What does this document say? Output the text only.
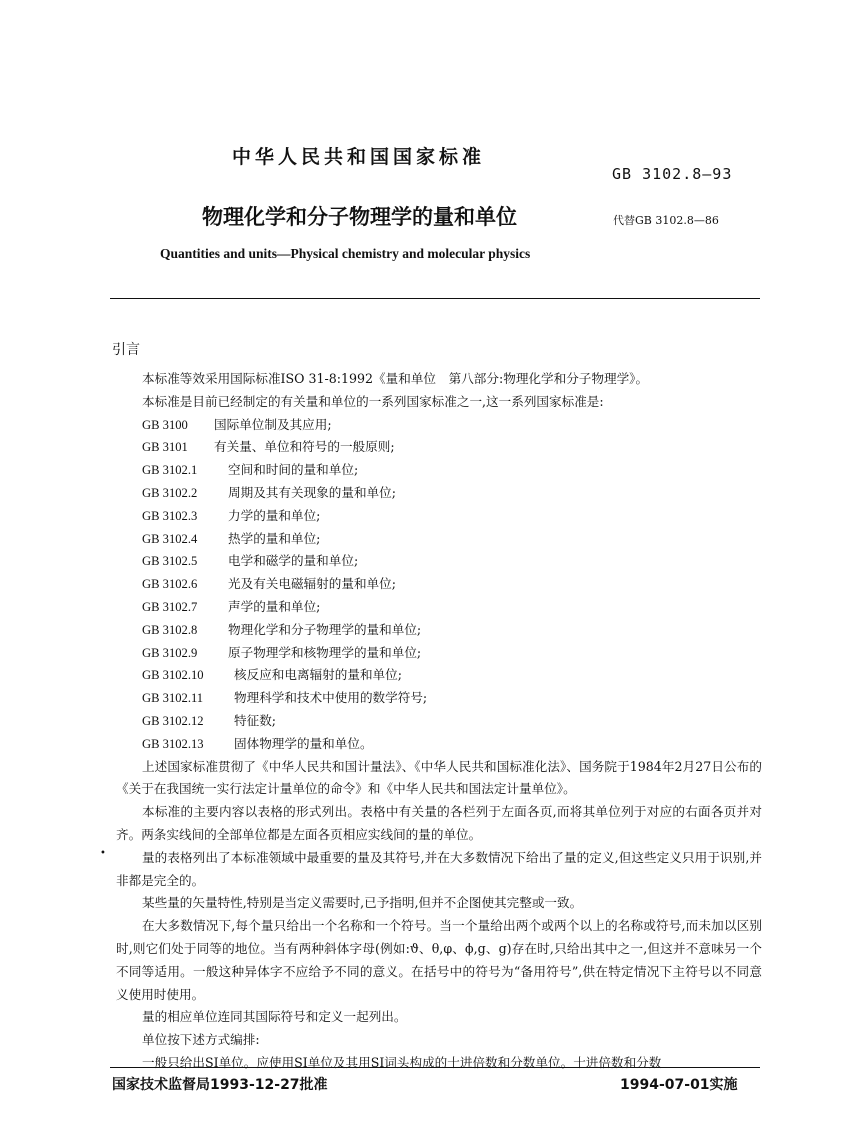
中华人民共和国国家标准
GB 3102.8—93
物理化学和分子物理学的量和单位	代替GB 3102.8—86
Quantities and units—Physical chemistry and molecular physics
引言

本标准等效采用国际标准ISO 31-8:1992《量和单位　第八部分:物理化学和分子物理学》。

本标准是目前已经制定的有关量和单位的一系列国家标准之一,这一系列国家标准是:

GB 3100 国际单位制及其应用;
GB 3101 有关量、单位和符号的一般原则;
GB 3102.1 空间和时间的量和单位;
GB 3102.2 周期及其有关现象的量和单位;
GB 3102.3 力学的量和单位;
GB 3102.4 热学的量和单位;
GB 3102.5 电学和磁学的量和单位;
GB 3102.6 光及有关电磁辐射的量和单位;
GB 3102.7 声学的量和单位;
GB 3102.8 物理化学和分子物理学的量和单位;
GB 3102.9 原子物理学和核物理学的量和单位;
GB 3102.10 核反应和电离辐射的量和单位;
GB 3102.11 物理科学和技术中使用的数学符号;
GB 3102.12 特征数;
GB 3102.13 固体物理学的量和单位。

上述国家标准贯彻了《中华人民共和国计量法》、《中华人民共和国标准化法》、国务院于1984年2月27日公布的《关于在我国统一实行法定计量单位的命令》和《中华人民共和国法定计量单位》。

本标准的主要内容以表格的形式列出。表格中有关量的各栏列于左面各页,而将其单位列于对应的右面各页并对齐。两条实线间的全部单位都是左面各页相应实线间的量的单位。

量的表格列出了本标准领域中最重要的量及其符号,并在大多数情况下给出了量的定义,但这些定义只用于识别,并非都是完全的。

某些量的矢量特性,特别是当定义需要时,已予指明,但并不企图使其完整或一致。

在大多数情况下,每个量只给出一个名称和一个符号。当一个量给出两个或两个以上的名称或符号,而未加以区别时,则它们处于同等的地位。当有两种斜体字母(例如:ϑ、θ,φ、ϕ,g、g)存在时,只给出其中之一,但这并不意味另一个不同等适用。一般这种异体字不应给予不同的意义。在括号中的符号为“备用符号”,供在特定情况下主符号以不同意义使用时使用。

量的相应单位连同其国际符号和定义一起列出。

单位按下述方式编排:

一般只给出SI单位。应使用SI单位及其用SI词头构成的十进倍数和分数单位。十进倍数和分数

•
国家技术监督局1993-12-27批准	1994-07-01实施
